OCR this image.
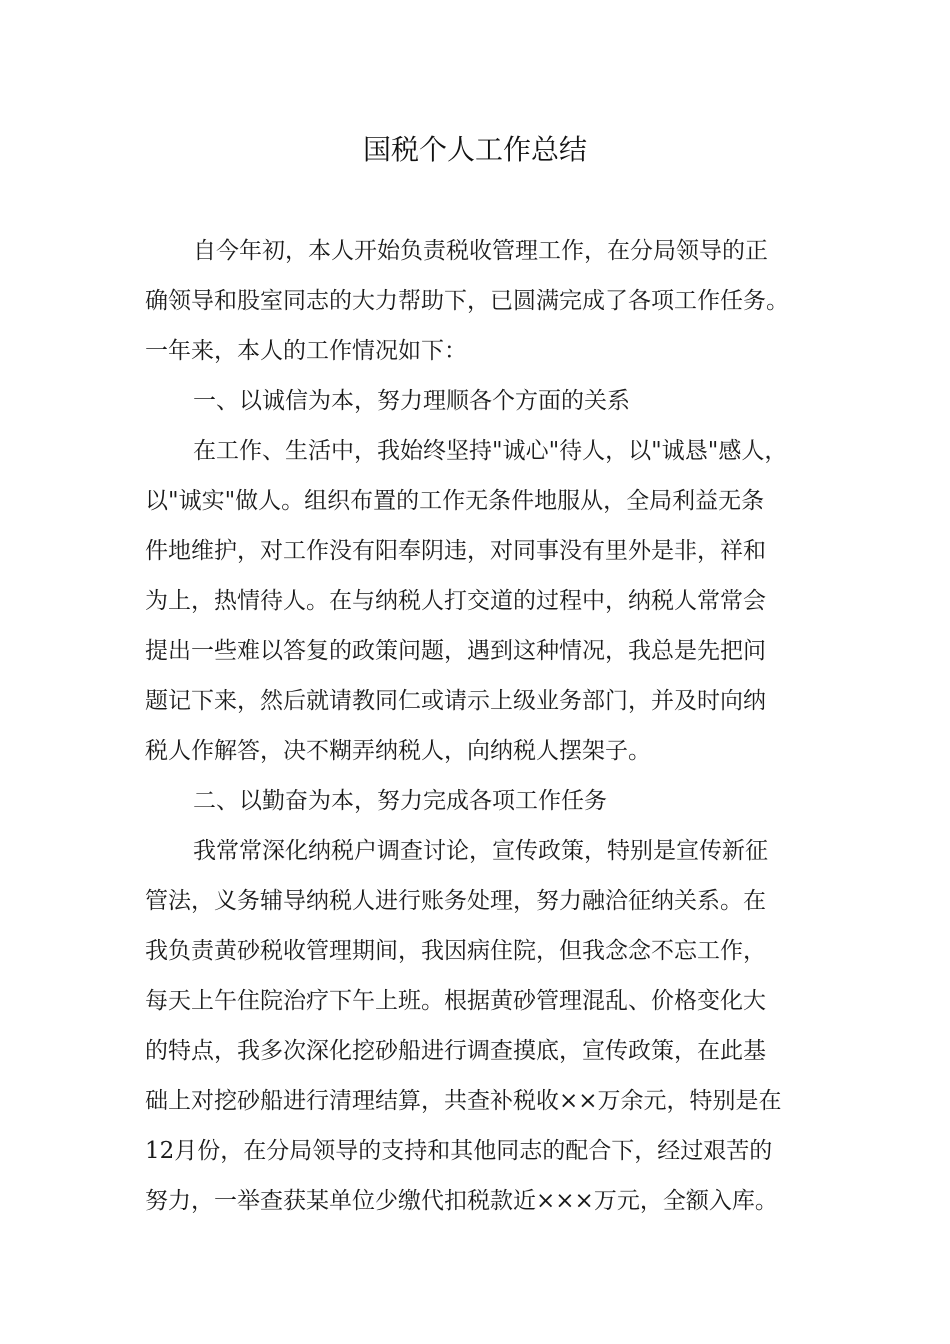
国税个人工作总结

自今年初，本人开始负责税收管理工作，在分局领导的正
确领导和股室同志的大力帮助下，已圆满完成了各项工作任务。
一年来，本人的工作情况如下：

一、以诚信为本，努力理顺各个方面的关系

在工作、生活中，我始终坚持"诚心"待人，以"诚恳"感人，
以"诚实"做人。组织布置的工作无条件地服从，全局利益无条
件地维护，对工作没有阳奉阴违，对同事没有里外是非，祥和
为上，热情待人。在与纳税人打交道的过程中，纳税人常常会
提出一些难以答复的政策问题，遇到这种情况，我总是先把问
题记下来，然后就请教同仁或请示上级业务部门，并及时向纳
税人作解答，决不糊弄纳税人，向纳税人摆架子。

二、以勤奋为本，努力完成各项工作任务

我常常深化纳税户调查讨论，宣传政策，特别是宣传新征
管法，义务辅导纳税人进行账务处理，努力融洽征纳关系。在
我负责黄砂税收管理期间，我因病住院，但我念念不忘工作，
每天上午住院治疗下午上班。根据黄砂管理混乱、价格变化大
的特点，我多次深化挖砂船进行调查摸底，宣传政策，在此基
础上对挖砂船进行清理结算，共查补税收××万余元，特别是在
12月份，在分局领导的支持和其他同志的配合下，经过艰苦的
努力，一举查获某单位少缴代扣税款近×××万元，全额入库。
